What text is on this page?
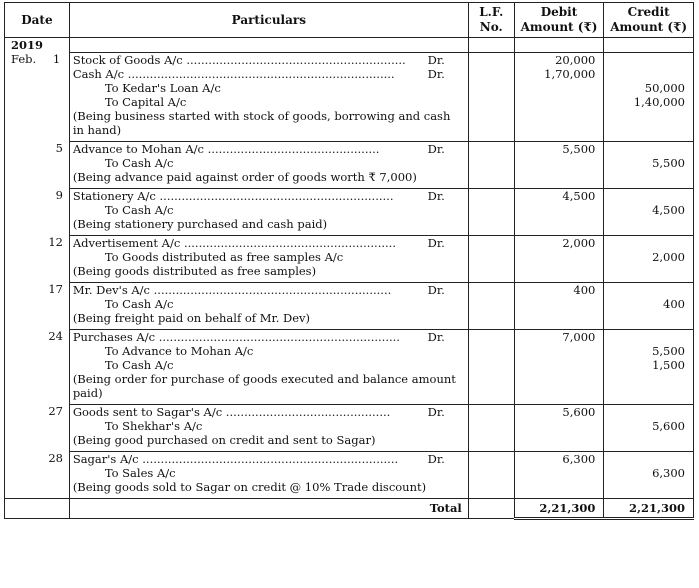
Date	Particulars	L.F.
No.	Debit
Amount (₹)	Credit
Amount (₹)
2019				
Feb. 1	Stock of Goods A/c ............................................................ Dr.		20,000	

	Cash A/c ......................................................................... Dr.		1,70,000	

	To Kedar's Loan A/c			50,000

	To Capital A/c			1,40,000

	(Being business started with stock of goods, borrowing and cash			

	in hand)			

5	Advance to Mohan A/c ............................................... Dr.		5,500	

	To Cash A/c			5,500

	(Being advance paid against order of goods worth ₹ 7,000)			

9	Stationery A/c ................................................................ Dr.		4,500	

	To Cash A/c			4,500

	(Being stationery purchased and cash paid)			

12	Advertisement A/c .......................................................... Dr.		2,000	

	To Goods distributed as free samples A/c			2,000

	(Being goods distributed as free samples)			

17	Mr. Dev's A/c ................................................................. Dr.		400	

	To Cash A/c			400

	(Being freight paid on behalf of Mr. Dev)			

24	Purchases A/c .................................................................. Dr.		7,000	

	To Advance to Mohan A/c			5,500

	To Cash A/c			1,500

	(Being order for purchase of goods executed and balance amount			

	paid)			

27	Goods sent to Sagar's A/c ............................................. Dr.		5,600	

	To Shekhar's A/c			5,600

	(Being good purchased on credit and sent to Sagar)			

28	Sagar's A/c ...................................................................... Dr.		6,300	

	To Sales A/c			6,300

	(Being goods sold to Sagar on credit @ 10% Trade discount)			

	Total		2,21,300	2,21,300
